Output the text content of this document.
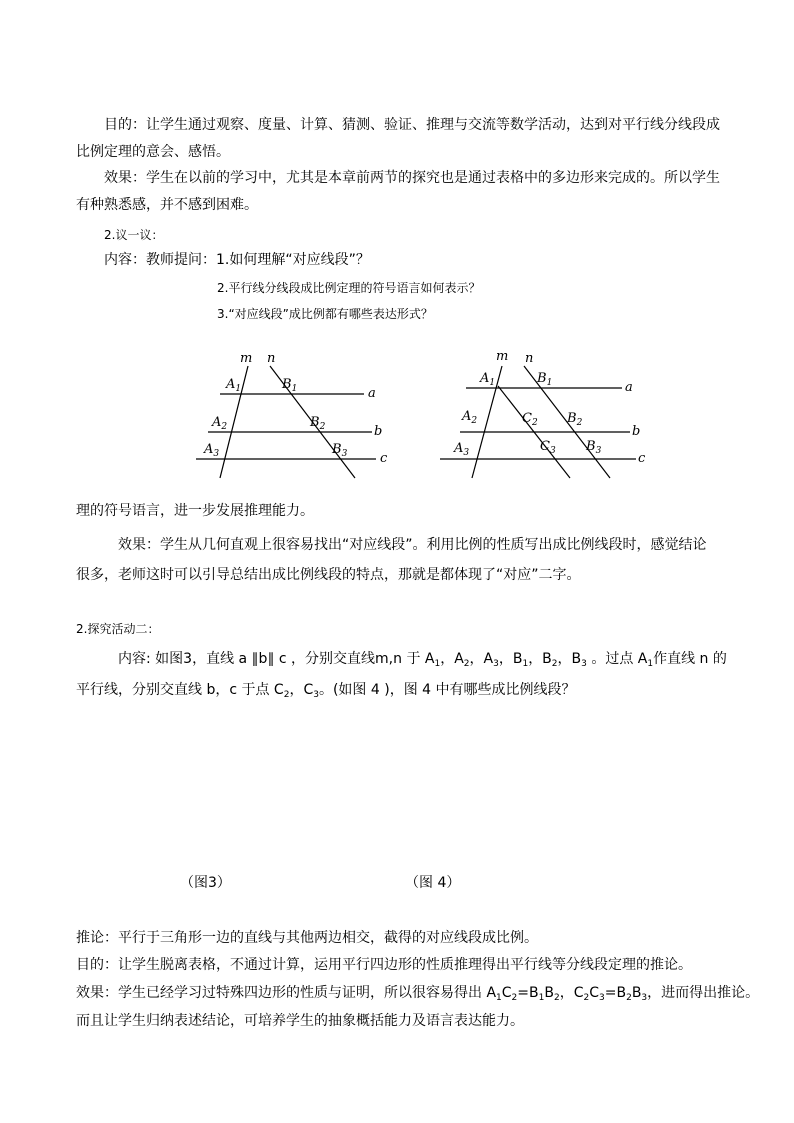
目的：让学生通过观察、度量、计算、猜测、验证、推理与交流等数学活动，达到对平行线分线段成
比例定理的意会、感悟。
效果：学生在以前的学习中，尤其是本章前两节的探究也是通过表格中的多边形来完成的。所以学生
有种熟悉感，并不感到困难。
2.议一议：
内容：教师提问：1.如何理解“对应线段”？
2.平行线分线段成比例定理的符号语言如何表示？
3.“对应线段”成比例都有哪些表达形式？
m n
a
b
c
$A_1$	$B_1$
$A_2$	$B_2$
$A_3$	$B_3$
m n
a
b
c
$A_1$	$B_1$
$A_2$	$C_2$ $B_2$
$A_3$	$C_3$ $B_3$
理的符号语言，进一步发展推理能力。
效果：学生从几何直观上很容易找出“对应线段”。利用比例的性质写出成比例线段时，感觉结论
很多，老师这时可以引导总结出成比例线段的特点，那就是都体现了“对应”二字。
2.探究活动二：
内容: 如图3，直线 a ∥b∥ c ，分别交直线m,n 于 $A_1$，$A_2$，$A_3$，$B_1$，$B_2$，$B_3$ 。过点 $A_1$作直线 n 的
平行线，分别交直线 b，c 于点 $C_2$，$C_3$。(如图 4 )，图 4 中有哪些成比例线段？
（图3）	（图 4）
推论：平行于三角形一边的直线与其他两边相交，截得的对应线段成比例。
目的：让学生脱离表格，不通过计算，运用平行四边形的性质推理得出平行线等分线段定理的推论。
效果：学生已经学习过特殊四边形的性质与证明，所以很容易得出 $A_1C_2=B_1B_2$，$C_2C_3=B_2B_3$，进而得出推论。
而且让学生归纳表述结论，可培养学生的抽象概括能力及语言表达能力。
